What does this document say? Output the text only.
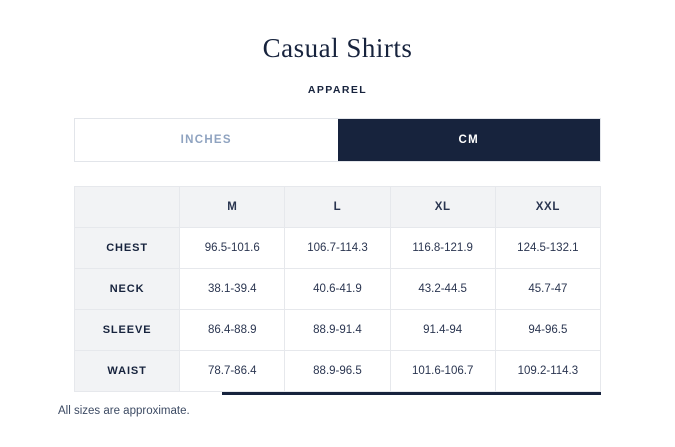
Casual Shirts
APPAREL
INCHES	CM
	M	L	XL	XXL
CHEST	96.5-101.6	106.7-114.3	116.8-121.9	124.5-132.1
NECK	38.1-39.4	40.6-41.9	43.2-44.5	45.7-47
SLEEVE	86.4-88.9	88.9-91.4	91.4-94	94-96.5
WAIST	78.7-86.4	88.9-96.5	101.6-106.7	109.2-114.3
All sizes are approximate.
